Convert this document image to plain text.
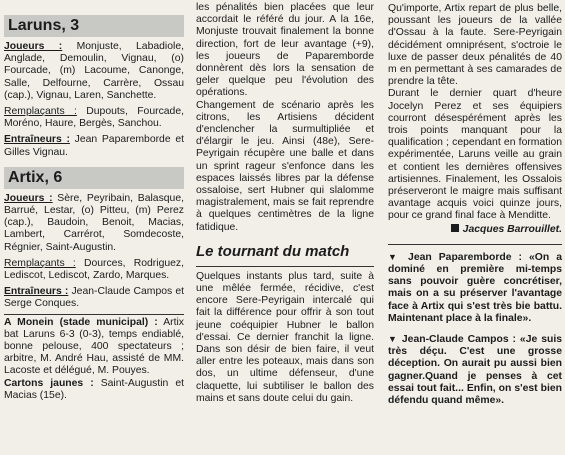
Laruns, 3

Joueurs : Monjuste, Labadiole, Anglade, Demoulin, Vignau, (o) Fourcade, (m) Lacoume, Canonge, Salle, Delfourne, Carrère, Ossau (cap.), Vignau, Laren, Sanchette.

Remplaçants : Dupouts, Fourcade, Moréno, Haure, Bergès, Sanchou.

Entraîneurs : Jean Paparemborde et Gilles Vignau.

Artix, 6

Joueurs : Sère, Peyribain, Balasque, Barrué, Lestar, (o) Pitteu, (m) Perez (cap.), Baudoin, Benoit, Macias, Lambert, Carrérot, Somdecoste, Régnier, Saint-Augustin.

Remplaçants : Dources, Rodriguez, Lediscot, Lediscot, Zardo, Marques.

Entraîneurs : Jean-Claude Campos et Serge Conques.

A Monein (stade municipal) : Artix bat Laruns 6-3 (0-3), temps endiablé, bonne pelouse, 400 spectateurs ; arbitre, M. André Hau, assisté de MM. Lacoste et délégué, M. Pouyes.

Cartons jaunes : Saint-Augustin et Macias (15e).

les pénalités bien placées que leur accordait le référé du jour. A la 16e, Monjuste trouvait finalement la bonne direction, fort de leur avantage (+9), les joueurs de Paparemborde donnèrent dès lors la sensation de geler quelque peu l'évolution des opérations.

Changement de scénario après les citrons, les Artisiens décident d'enclencher la surmultipliée et d'élargir le jeu. Ainsi (48e), Sere-Peyrigain récupère une balle et dans un sprint rageur s'enfonce dans les espaces laissés libres par la défense ossaloise, sert Hubner qui slalomme magistralement, mais se fait reprendre à quelques centimètres de la ligne fatidique.

Le tournant du match

Quelques instants plus tard, suite à une mêlée fermée, récidive, c'est encore Sere-Peyrigain intercalé qui fait la différence pour offrir à son tout jeune coéquipier Hubner le ballon d'essai. Ce dernier franchit la ligne. Dans son désir de bien faire, il veut aller entre les poteaux, mais dans son dos, un ultime défenseur, d'une claquette, lui subtiliser le ballon des mains et sans doute celui du gain.

Qu'importe, Artix repart de plus belle, poussant les joueurs de la vallée d'Ossau à la faute. Sere-Peyrigain décidément omniprésent, s'octroie le luxe de passer deux pénalités de 40 m en permettant à ses camarades de prendre la tête.

Durant le dernier quart d'heure Jocelyn Perez et ses équipiers courront désespérément après les trois points manquant pour la qualification ; cependant en formation expérimentée, Laruns veille au grain et contient les dernières offensives artisiennes. Finalement, les Ossalois préserveront le maigre mais suffisant avantage acquis voici quinze jours, pour ce grand final face à Menditte.

Jacques Barrouillet.

▼ Jean Paparemborde : «On a dominé en première mi-temps sans pouvoir guère concrétiser, mais on a su préserver l'avantage face à Artix qui s'est très bie battu. Maintenant place à la finale».

▼ Jean-Claude Campos : «Je suis très déçu. C'est une grosse déception. On aurait pu aussi bien gagner.Quand je penses à cet essai tout fait... Enfin, on s'est bien défendu quand même».
